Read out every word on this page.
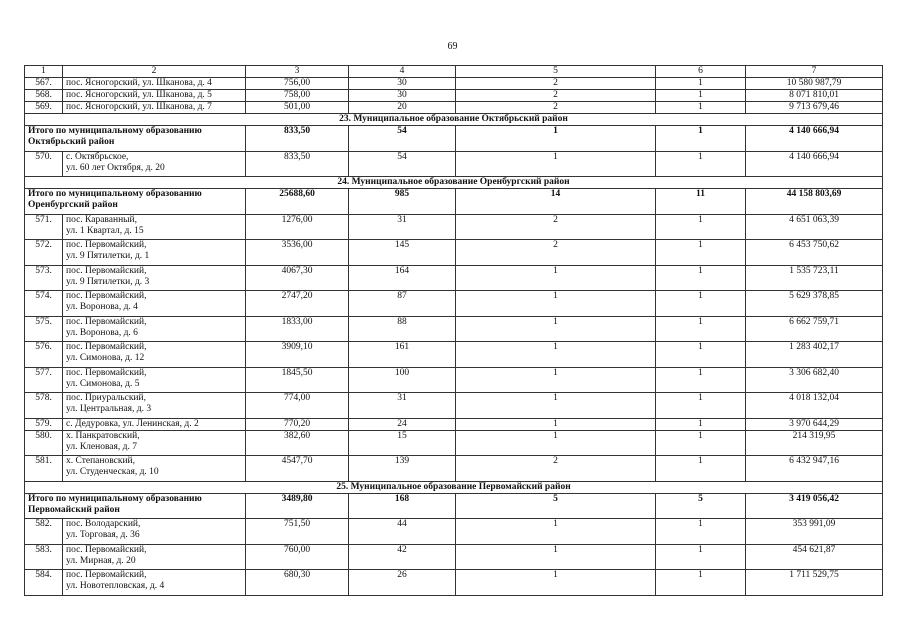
69
1	2	3	4	5	6	7
567.	пос. Ясногорский, ул. Шканова, д. 4	756,00	30	2	1	10 580 987,79
568.	пос. Ясногорский, ул. Шканова, д. 5	758,00	30	2	1	8 071 810,01
569.	пос. Ясногорский, ул. Шканова, д. 7	501,00	20	2	1	9 713 679,46
23. Муниципальное образование Октябрьский район						

Итого по муниципальному образованию
Октябрьский район		833,50	54	1	1	4 140 666,94
570.	с. Октябрьское,
ул. 60 лет Октября, д. 20	833,50	54	1	1	4 140 666,94
24. Муниципальное образование Оренбургский район						

Итого по муниципальному образованию
Оренбургский район		25688,60	985	14	11	44 158 803,69
571.	пос. Караванный,
ул. 1 Квартал, д. 15	1276,00	31	2	1	4 651 063,39
572.	пос. Первомайский,
ул. 9 Пятилетки, д. 1	3536,00	145	2	1	6 453 750,62
573.	пос. Первомайский,
ул. 9 Пятилетки, д. 3	4067,30	164	1	1	1 535 723,11
574.	пос. Первомайский,
ул. Воронова, д. 4	2747,20	87	1	1	5 629 378,85
575.	пос. Первомайский,
ул. Воронова, д. 6	1833,00	88	1	1	6 662 759,71
576.	пос. Первомайский,
ул. Симонова, д. 12	3909,10	161	1	1	1 283 402,17
577.	пос. Первомайский,
ул. Симонова, д. 5	1845,50	100	1	1	3 306 682,40
578.	пос. Приуральский,
ул. Центральная, д. 3	774,00	31	1	1	4 018 132,04
579.	с. Дедуровка, ул. Ленинская, д. 2	770,20	24	1	1	3 970 644,29
580.	х. Панкратовский,
ул. Кленовая, д. 7	382,60	15	1	1	214 319,95
581.	х. Степановский,
ул. Студенческая, д. 10	4547,70	139	2	1	6 432 947,16
25. Муниципальное образование Первомайский район						

Итого по муниципальному образованию
Первомайский район		3489,80	168	5	5	3 419 056,42
582.	пос. Володарский,
ул. Торговая, д. 36	751,50	44	1	1	353 991,09
583.	пос. Первомайский,
ул. Мирная, д. 20	760,00	42	1	1	454 621,87
584.	пос. Первомайский,
ул. Новотепловская, д. 4	680,30	26	1	1	1 711 529,75
